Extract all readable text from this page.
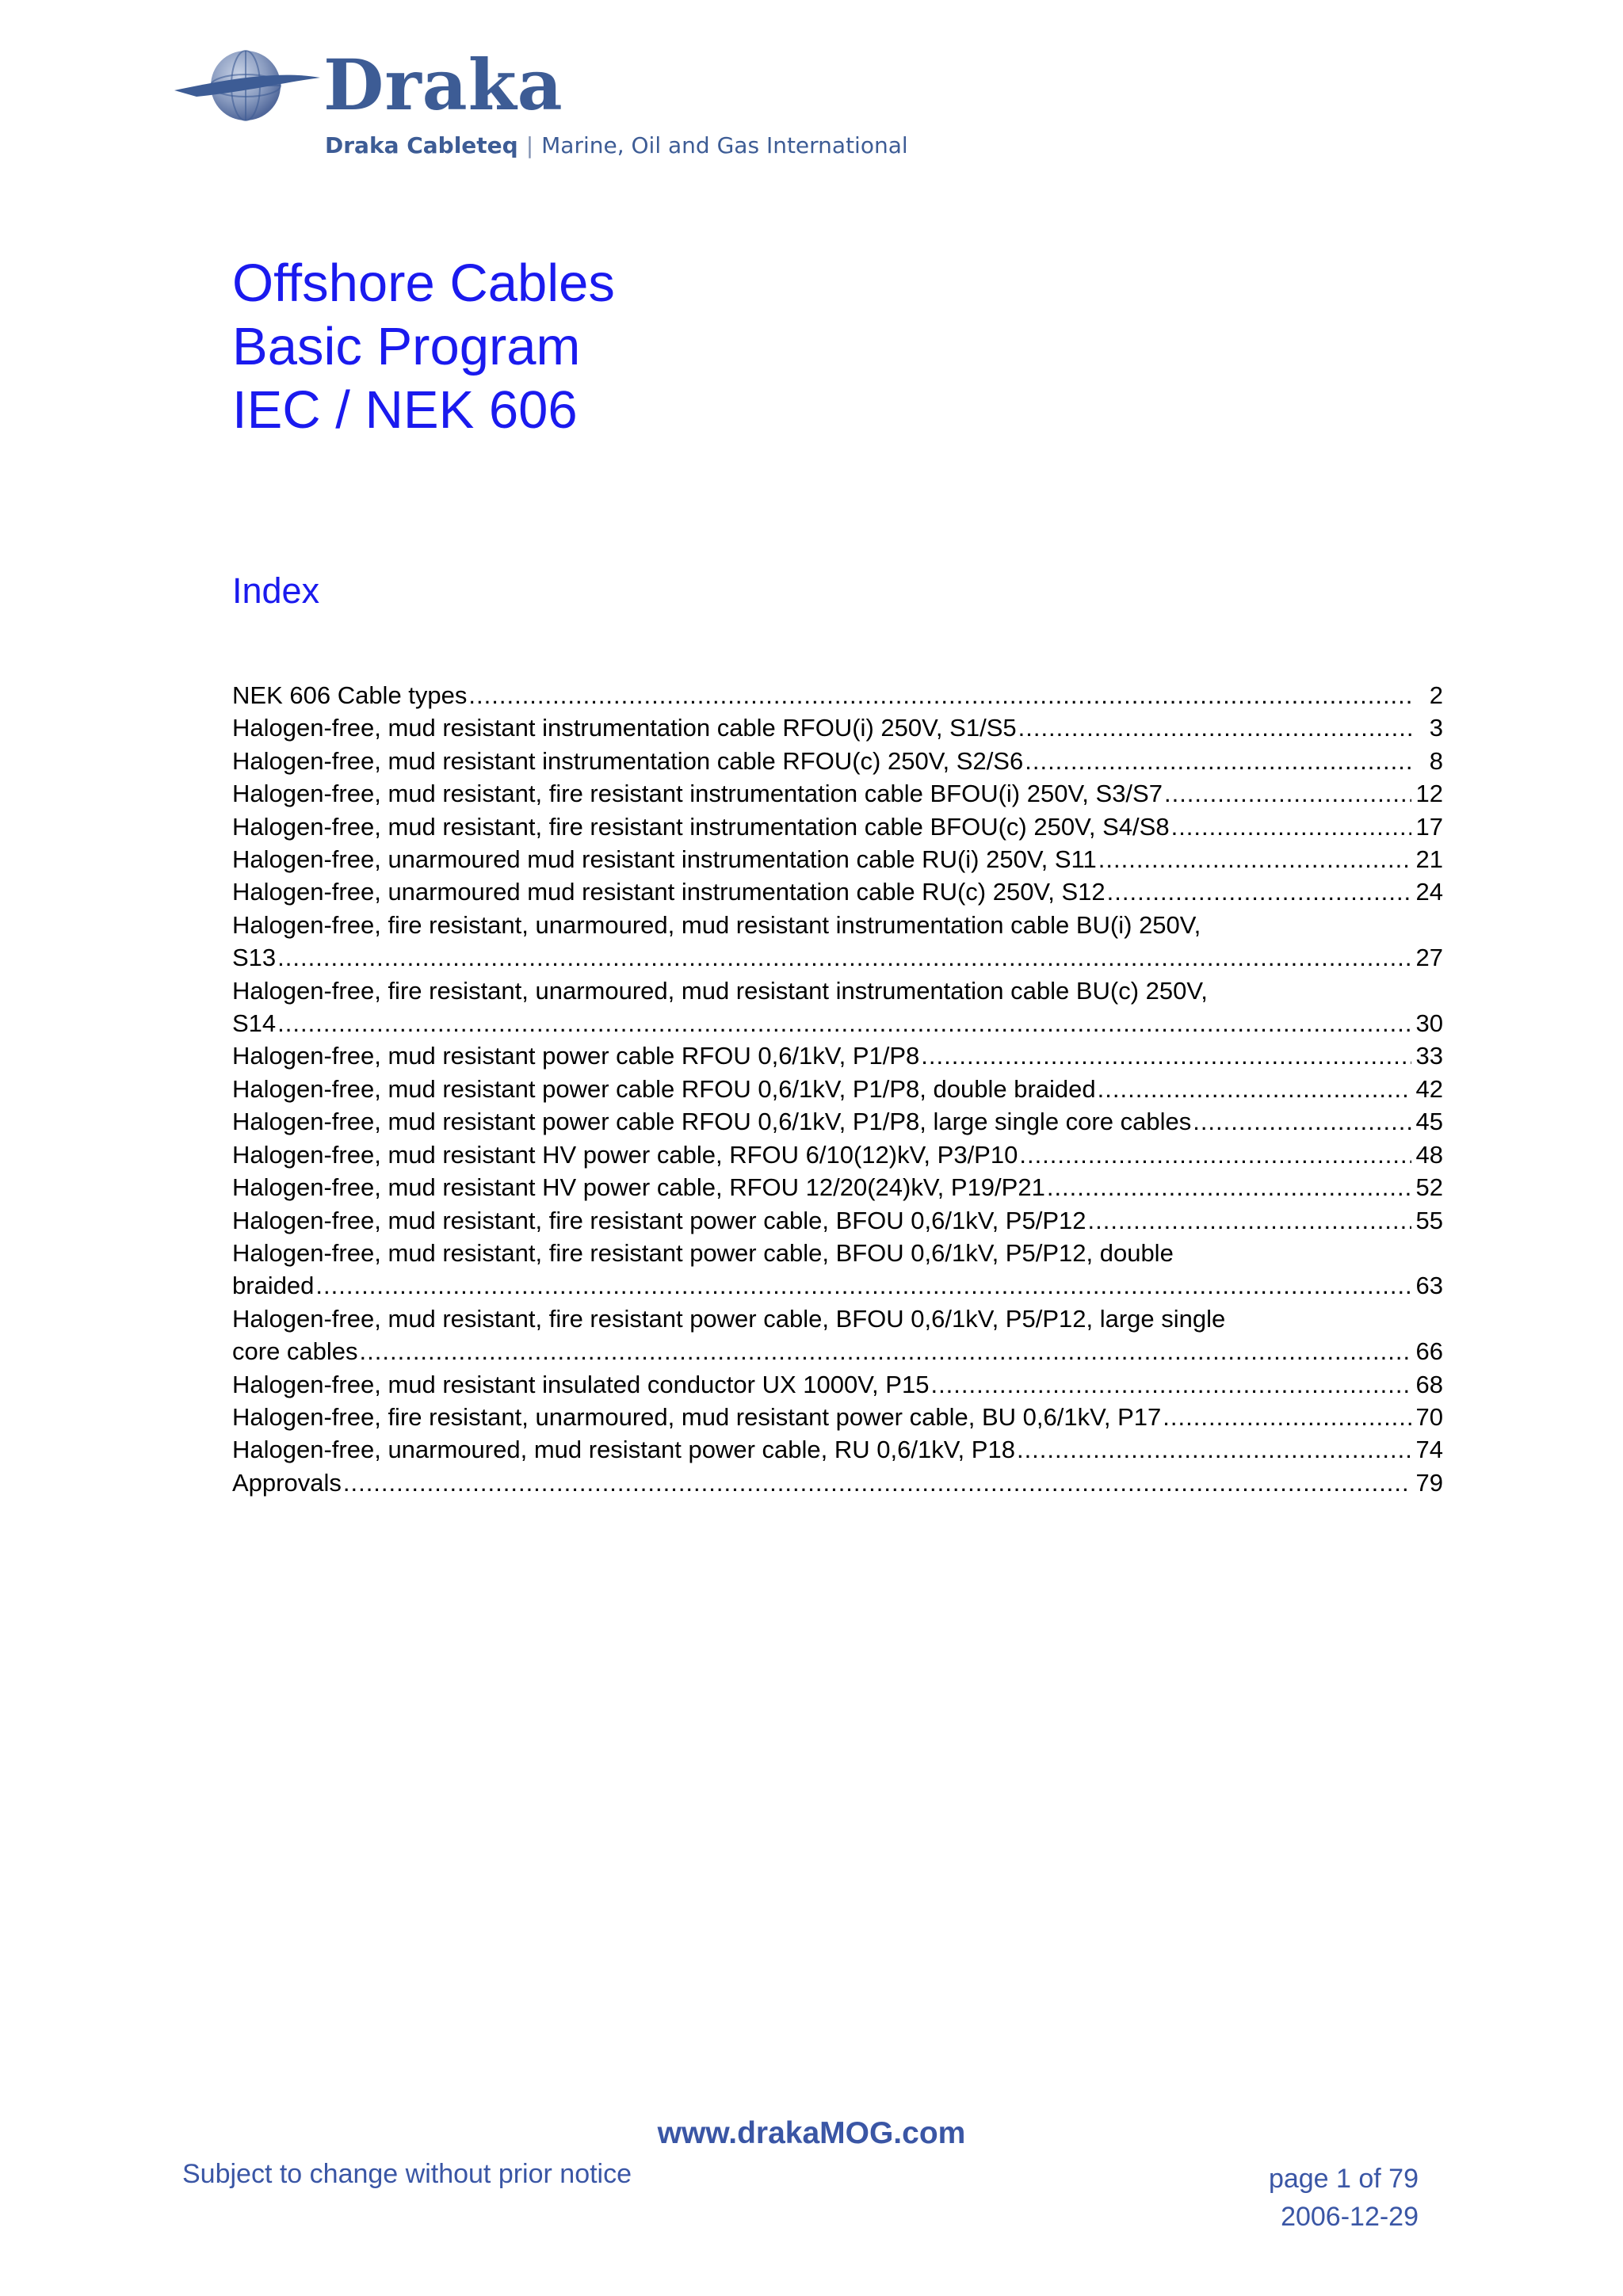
Draka
Draka Cableteq | Marine, Oil and Gas International
Offshore Cables
Basic Program
IEC / NEK 606
Index
NEK 606 Cable types .....	2
Halogen-free, mud resistant instrumentation cable RFOU(i) 250V, S1/S5 .....	3
Halogen-free, mud resistant instrumentation cable RFOU(c) 250V, S2/S6 .....	8
Halogen-free, mud resistant, fire resistant instrumentation cable BFOU(i) 250V, S3/S7 .....	12
Halogen-free, mud resistant, fire resistant instrumentation cable BFOU(c) 250V, S4/S8 .....	17
Halogen-free, unarmoured mud resistant instrumentation cable RU(i) 250V, S11 .....	21
Halogen-free, unarmoured mud resistant instrumentation cable RU(c) 250V, S12 .....	24
Halogen-free, fire resistant, unarmoured, mud resistant instrumentation cable BU(i) 250V,
S13 .....	27
Halogen-free, fire resistant, unarmoured, mud resistant instrumentation cable BU(c) 250V,
S14 .....	30
Halogen-free, mud resistant power cable RFOU 0,6/1kV, P1/P8 .....	33
Halogen-free, mud resistant power cable RFOU 0,6/1kV, P1/P8, double braided .....	42
Halogen-free, mud resistant power cable RFOU 0,6/1kV, P1/P8, large single core cables .....	45
Halogen-free, mud resistant HV power cable, RFOU 6/10(12)kV, P3/P10 .....	48
Halogen-free, mud resistant HV power cable, RFOU 12/20(24)kV, P19/P21 .....	52
Halogen-free, mud resistant, fire resistant power cable, BFOU 0,6/1kV, P5/P12 .....	55
Halogen-free, mud resistant, fire resistant power cable, BFOU 0,6/1kV, P5/P12, double
braided .....	63
Halogen-free, mud resistant, fire resistant power cable, BFOU 0,6/1kV, P5/P12, large single
core cables .....	66
Halogen-free, mud resistant insulated conductor UX 1000V, P15 .....	68
Halogen-free, fire resistant, unarmoured, mud resistant power cable, BU 0,6/1kV, P17 .....	70
Halogen-free, unarmoured, mud resistant power cable, RU 0,6/1kV, P18 .....	74
Approvals .....	79
www.drakaMOG.com
Subject to change without prior notice	page 1 of 79
2006-12-29
